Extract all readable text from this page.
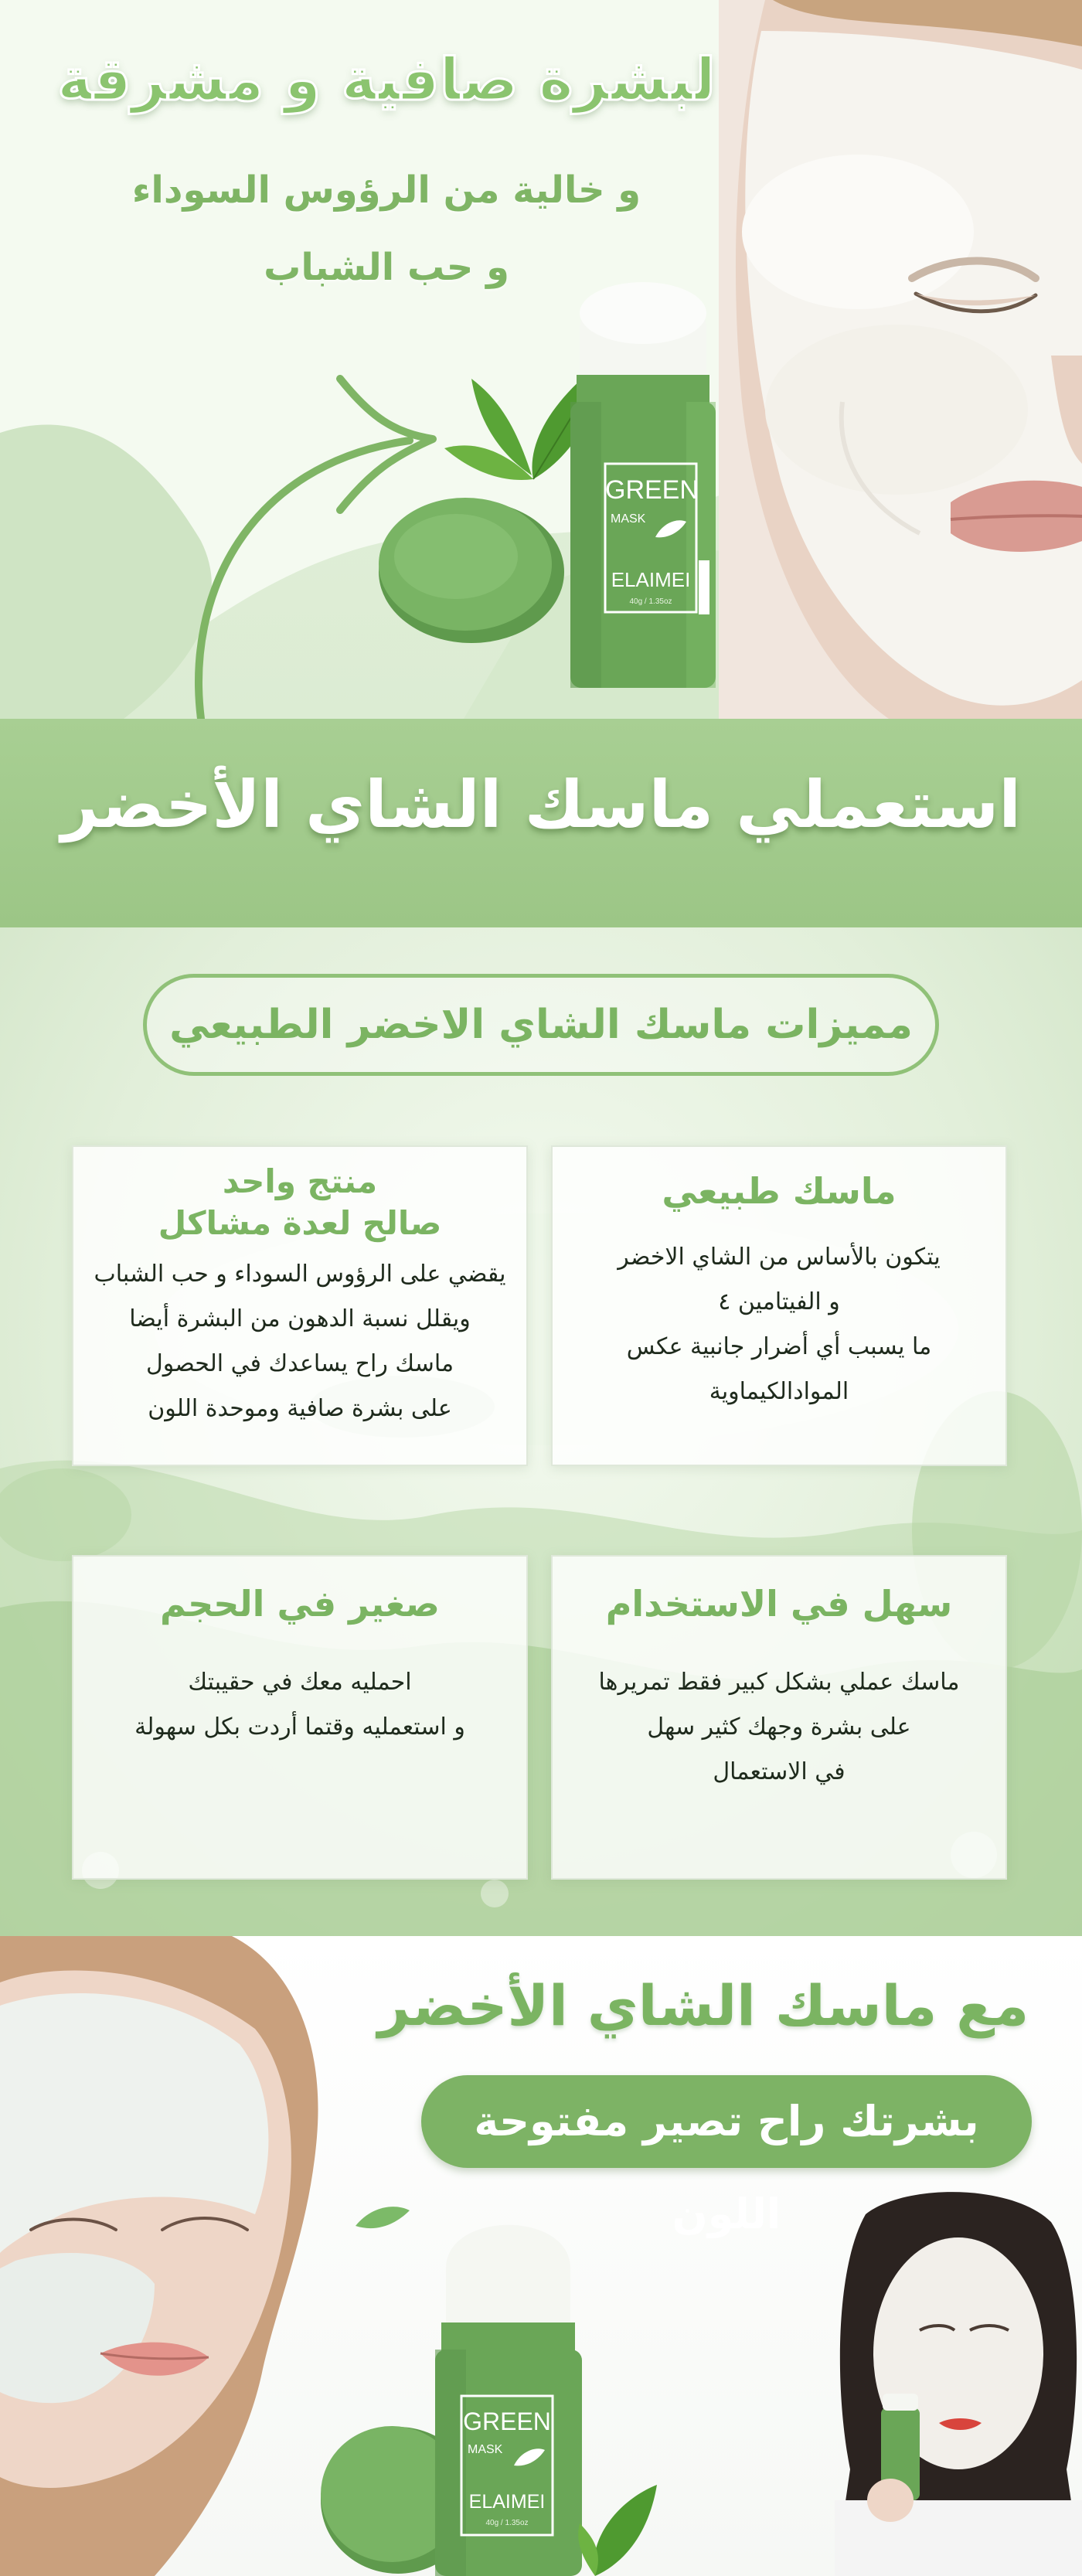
لبشرة صافية و مشرقة
و خالية من الرؤوس السوداء
و حب الشباب
GREEN
MASK
ELAIMEI
40g / 1.35oz
استعملي ماسك الشاي الأخضر
مميزات ماسك الشاي الاخضر الطبيعي
ماسك طبيعي
يتكون بالأساس من الشاي الاخضر
و الفيتامين ٤
ما يسبب أي أضرار جانبية عكس
الموادالكيماوية
منتج واحد
صالح لعدة مشاكل
يقضي على الرؤوس السوداء و حب الشباب
ويقلل نسبة الدهون من البشرة أيضا
ماسك راح يساعدك في الحصول
على بشرة صافية وموحدة اللون
سهل في الاستخدام
ماسك عملي بشكل كبير فقط تمريرها
على بشرة وجهك كثير سهل
في الاستعمال
صغير في الحجم
احمليه معك في حقيبتك
و استعمليه وقتما أردت بكل سهولة
مع ماسك الشاي الأخضر
بشرتك راح تصير مفتوحة اللون
GREEN
MASK
ELAIMEI
40g / 1.35oz
